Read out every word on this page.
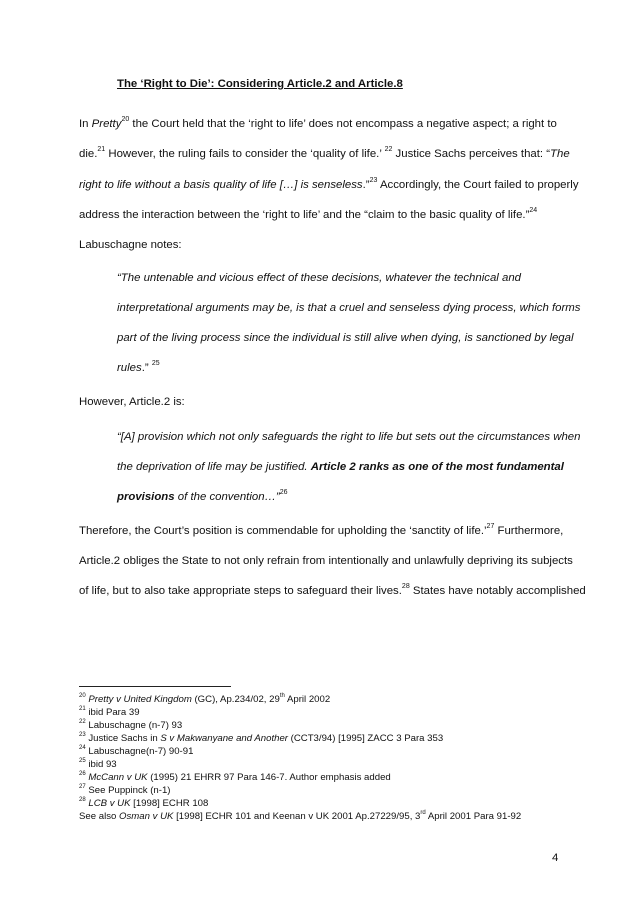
The ‘Right to Die’: Considering Article.2 and Article.8
In Pretty$^{20}$ the Court held that the ‘right to life’ does not encompass a negative aspect; a right to
die.$^{21}$ However, the ruling fails to consider the ‘quality of life.’ $^{22}$ Justice Sachs perceives that: “The
right to life without a basis quality of life […] is senseless.”$^{23}$ Accordingly, the Court failed to properly
address the interaction between the ‘right to life’ and the “claim to the basic quality of life.”$^{24}$
Labuschagne notes:
“The untenable and vicious effect of these decisions, whatever the technical and
interpretational arguments may be, is that a cruel and senseless dying process, which forms
part of the living process since the individual is still alive when dying, is sanctioned by legal
rules.” $^{25}$
However, Article.2 is:
“[A] provision which not only safeguards the right to life but sets out the circumstances when
the deprivation of life may be justified. Article 2 ranks as one of the most fundamental
provisions of the convention…”$^{26}$
Therefore, the Court’s position is commendable for upholding the ‘sanctity of life.’$^{27}$ Furthermore,
Article.2 obliges the State to not only refrain from intentionally and unlawfully depriving its subjects
of life, but to also take appropriate steps to safeguard their lives.$^{28}$ States have notably accomplished
$^{20}$ Pretty v United Kingdom (GC), Ap.234/02, 29th April 2002
$^{21}$ ibid Para 39
$^{22}$ Labuschagne (n-7) 93
$^{23}$ Justice Sachs in S v Makwanyane and Another (CCT3/94) [1995] ZACC 3 Para 353
$^{24}$ Labuschagne(n-7) 90-91
$^{25}$ ibid 93
$^{26}$ McCann v UK (1995) 21 EHRR 97 Para 146-7. Author emphasis added
$^{27}$ See Puppinck (n-1)
$^{28}$ LCB v UK [1998] ECHR 108
See also Osman v UK [1998] ECHR 101 and Keenan v UK 2001 Ap.27229/95, 3rd April 2001 Para 91-92
4
